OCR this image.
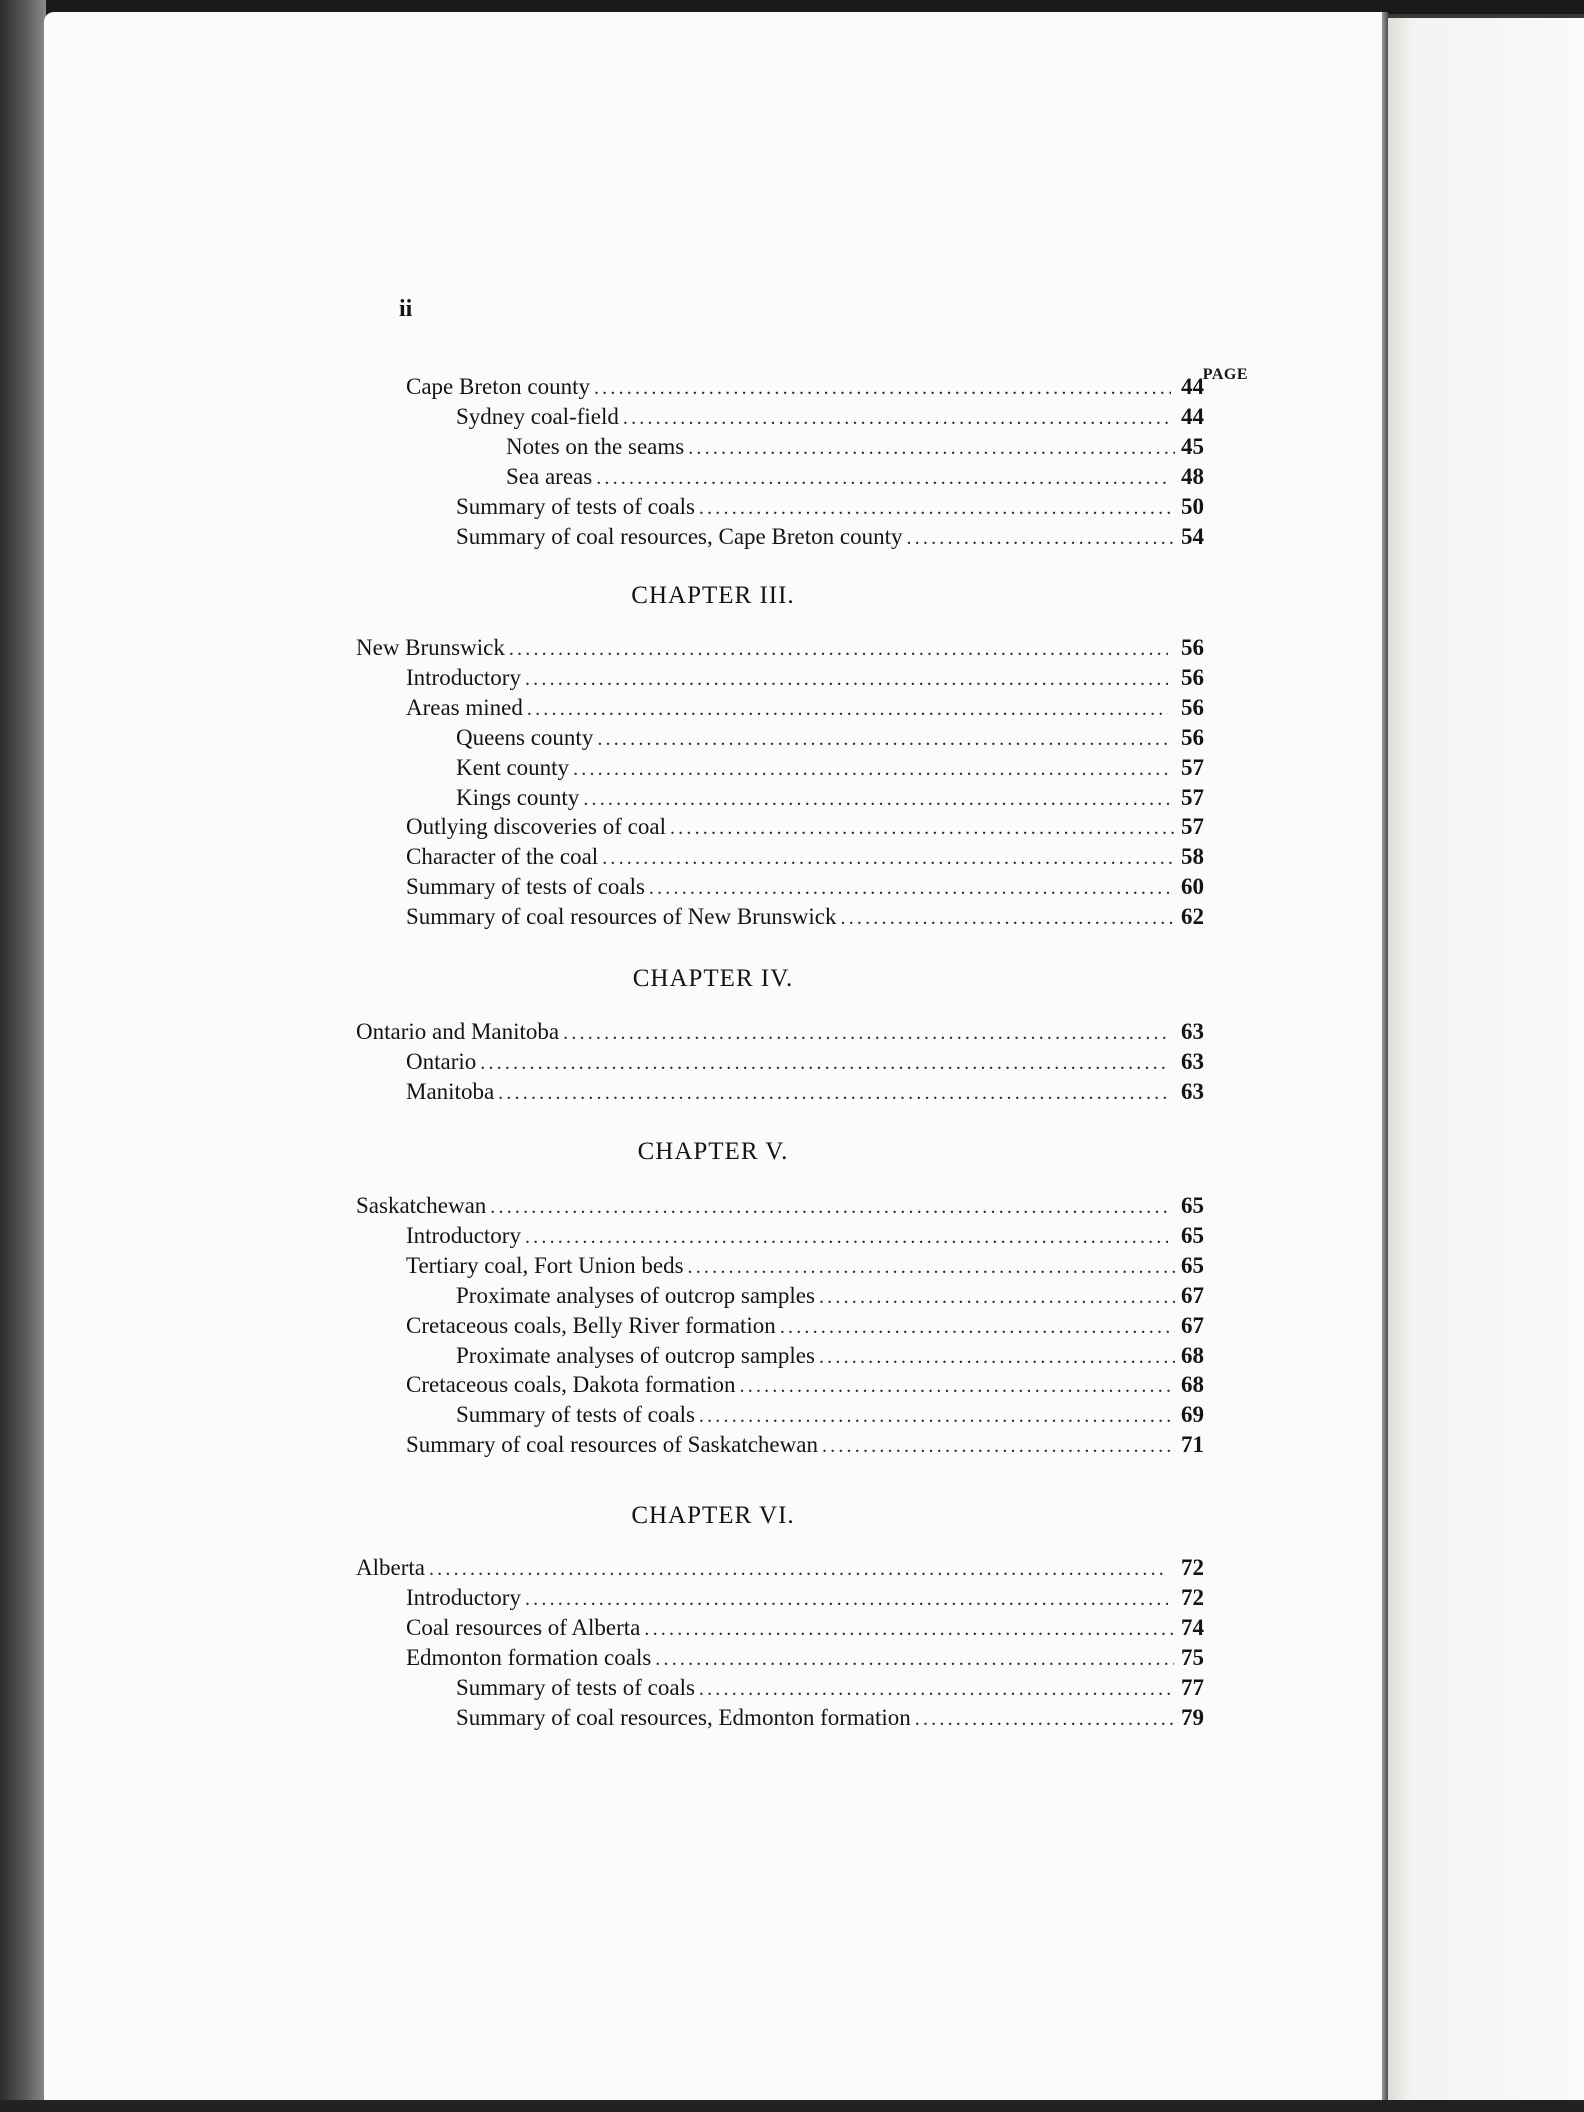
ii
PAGE
Cape Breton county .....	44
Sydney coal-field .....	44
Notes on the seams .....	45
Sea areas .....	48
Summary of tests of coals .....	50
Summary of coal resources, Cape Breton county .....	54
CHAPTER III.
New Brunswick .....	56
Introductory .....	56
Areas mined .....	56
Queens county .....	56
Kent county .....	57
Kings county .....	57
Outlying discoveries of coal .....	57
Character of the coal .....	58
Summary of tests of coals .....	60
Summary of coal resources of New Brunswick .....	62
CHAPTER IV.
Ontario and Manitoba .....	63
Ontario .....	63
Manitoba .....	63
CHAPTER V.
Saskatchewan .....	65
Introductory .....	65
Tertiary coal, Fort Union beds .....	65
Proximate analyses of outcrop samples .....	67
Cretaceous coals, Belly River formation .....	67
Proximate analyses of outcrop samples .....	68
Cretaceous coals, Dakota formation .....	68
Summary of tests of coals .....	69
Summary of coal resources of Saskatchewan .....	71
CHAPTER VI.
Alberta .....	72
Introductory .....	72
Coal resources of Alberta .....	74
Edmonton formation coals .....	75
Summary of tests of coals .....	77
Summary of coal resources, Edmonton formation .....	79
